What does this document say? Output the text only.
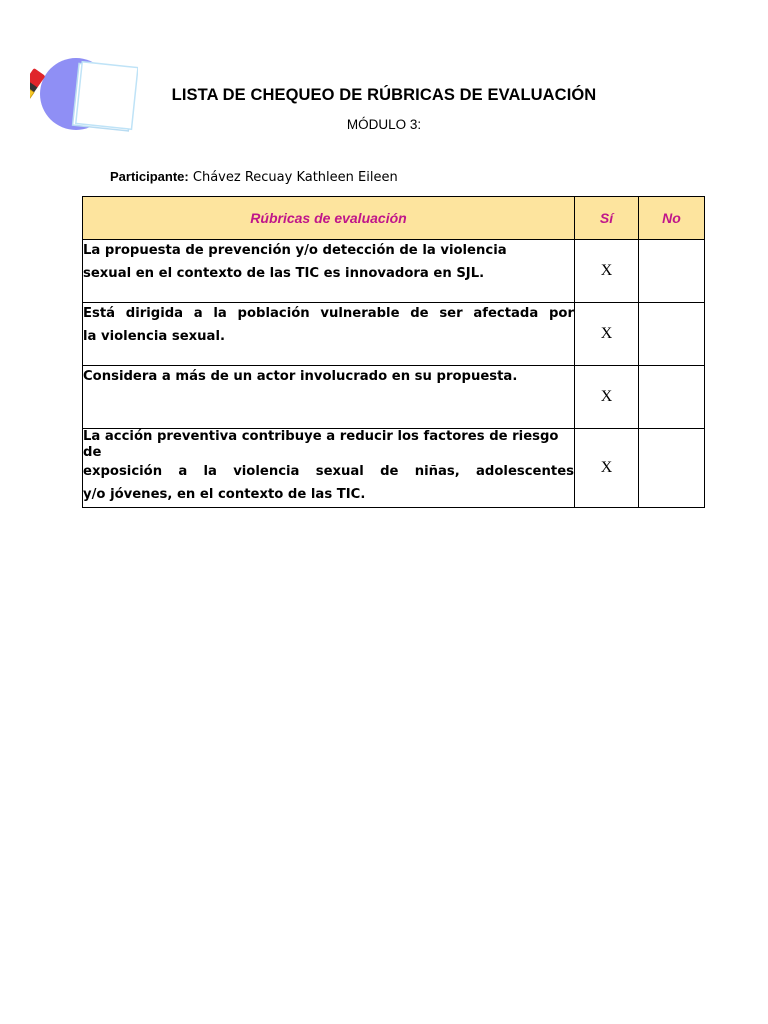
LISTA DE CHEQUEO DE RÚBRICAS DE EVALUACIÓN
MÓDULO 3:
Participante: Chávez Recuay Kathleen Eileen
Rúbricas de evaluación	Sí	No

La propuesta de prevención y/o detección de la violencia
sexual en el contexto de las TIC es innovadora en SJL.	X	

Está dirigida a la población vulnerable de ser afectada por
la violencia sexual.	X	

Considera a más de un actor involucrado en su propuesta.	X	

La acción preventiva contribuye a reducir los factores de riesgo de
exposición a la violencia sexual de niñas, adolescentes
y/o jóvenes, en el contexto de las TIC.	X	
